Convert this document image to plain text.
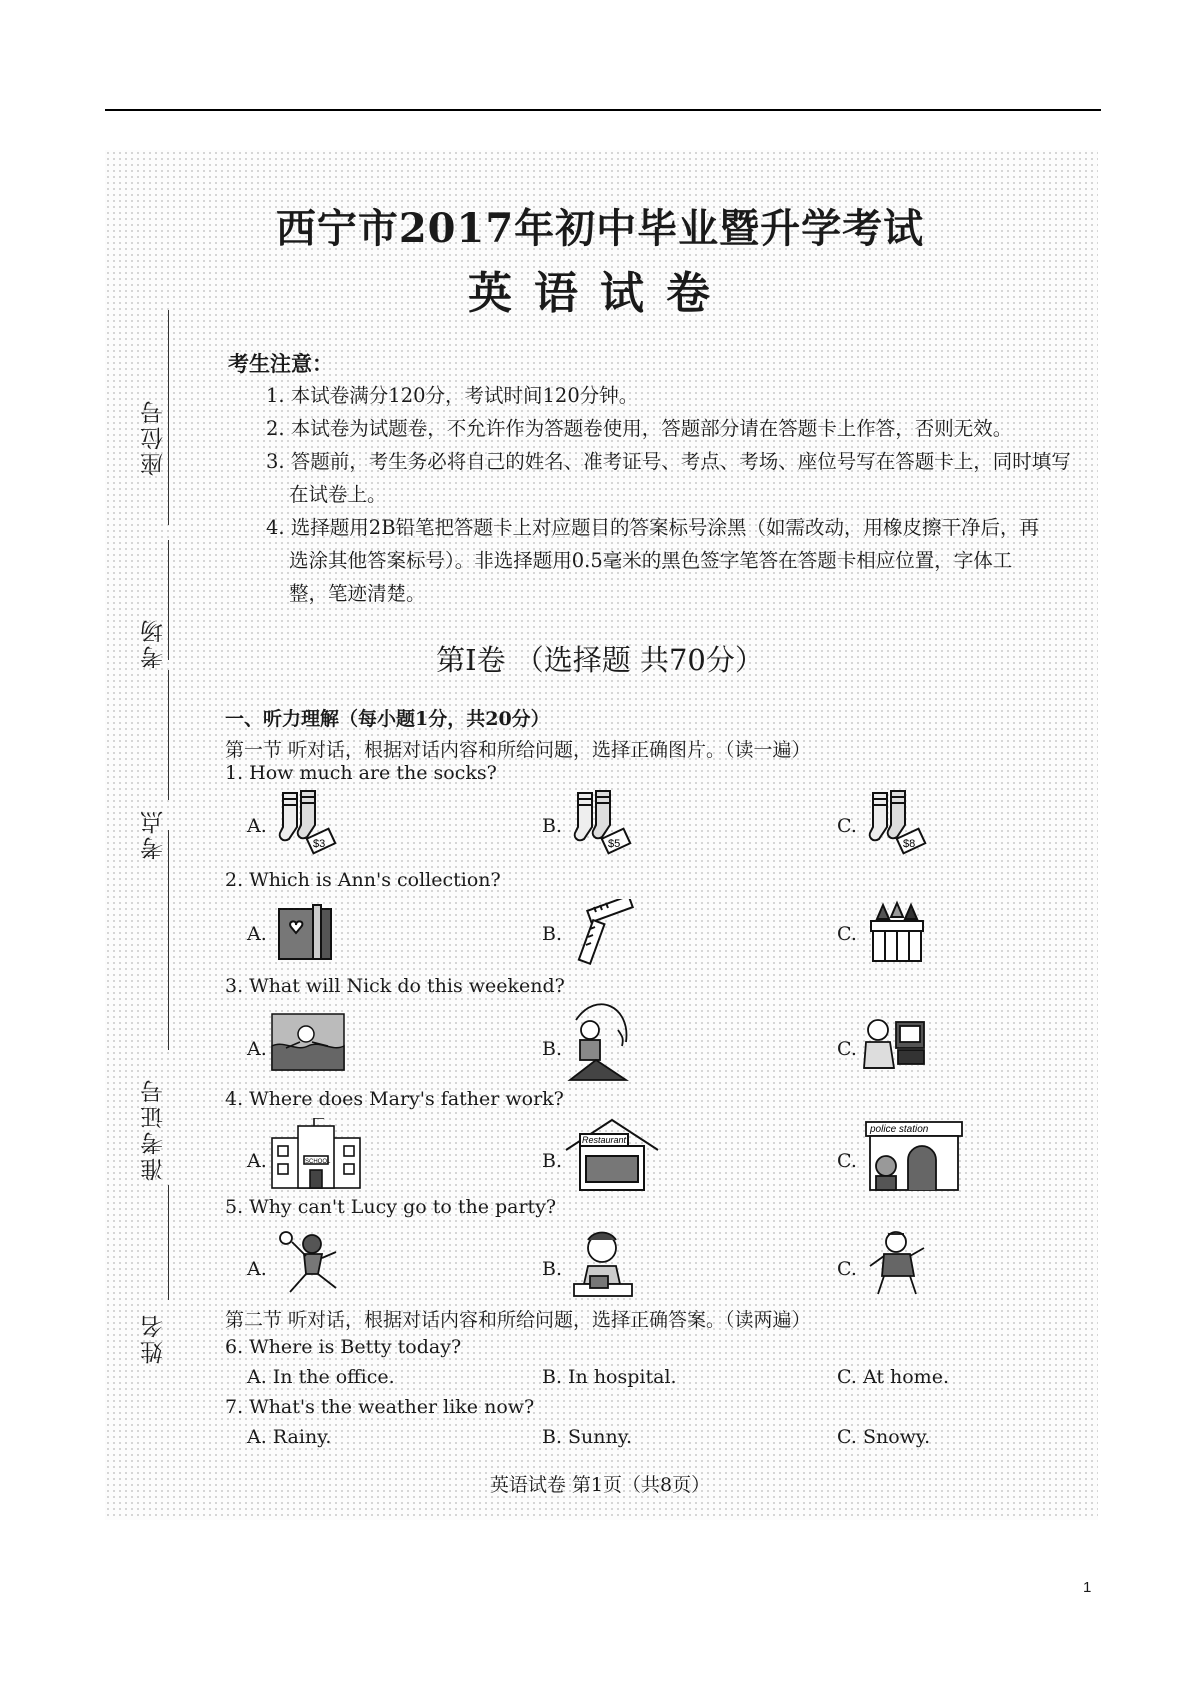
座位号
考场
考点
准考证号
姓名
西宁市2017年初中毕业暨升学考试
英语试卷
考生注意：
1. 本试卷满分120分，考试时间120分钟。
2. 本试卷为试题卷，不允许作为答题卷使用，答题部分请在答题卡上作答，否则无效。
3. 答题前，考生务必将自己的姓名、准考证号、考点、考场、座位号写在答题卡上，同时填写
在试卷上。
4. 选择题用2B铅笔把答题卡上对应题目的答案标号涂黑（如需改动，用橡皮擦干净后，再
选涂其他答案标号）。非选择题用0.5毫米的黑色签字笔答在答题卡相应位置，字体工
整，笔迹清楚。
第Ⅰ卷 （选择题 共70分）
一、听力理解（每小题1分，共20分）
第一节 听对话，根据对话内容和所给问题，选择正确图片。（读一遍）
1. How much are the socks?
A.	B.	C.
$3	$5	$8
2. Which is Ann's collection?
A.	B.	C.
3. What will Nick do this weekend?
A.	B.	C.
4. Where does Mary's father work?
A.	B.	C.
SCHOOL
Restaurant
police station
5. Why can't Lucy go to the party?
A.	B.	C.
第二节 听对话，根据对话内容和所给问题，选择正确答案。（读两遍）
6. Where is Betty today?
A. In the office.	B. In hospital.	C. At home.
7. What's the weather like now?
A. Rainy.	B. Sunny.	C. Snowy.
英语试卷 第1页（共8页）
1
